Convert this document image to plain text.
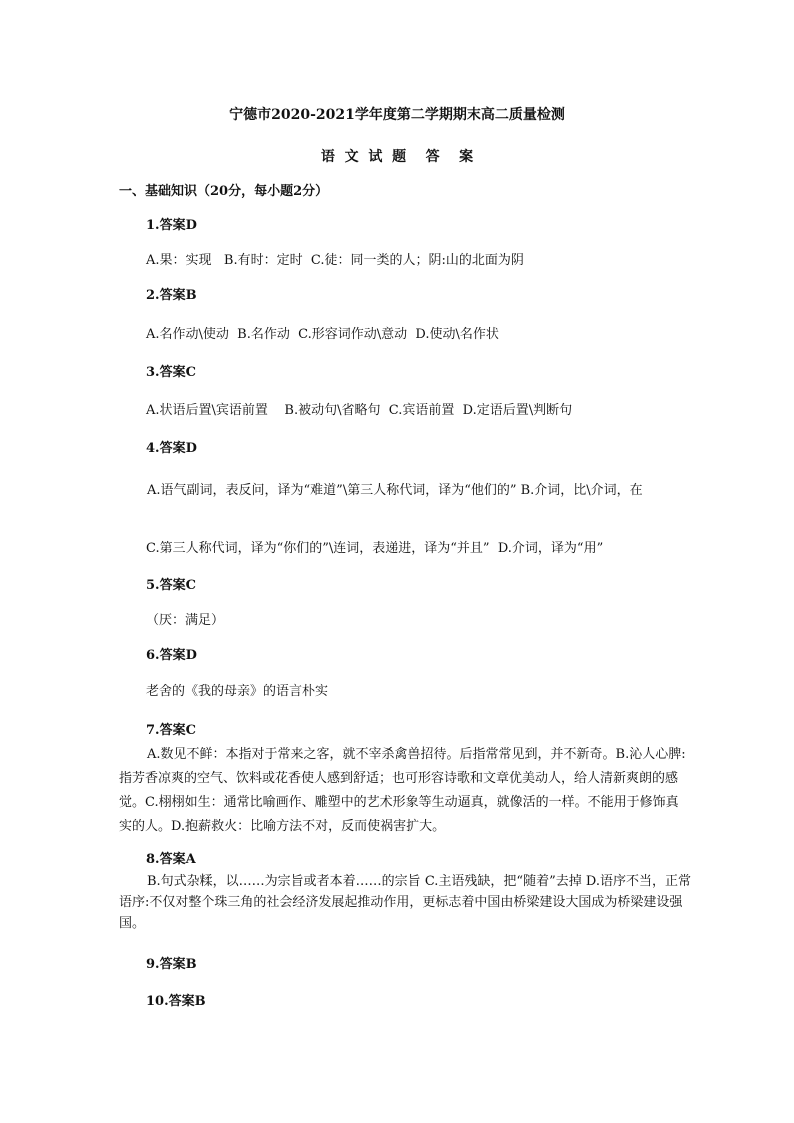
宁德市2020-2021学年度第二学期期末高二质量检测
语  文  试  题    答    案
一、基础知识（20分，每小题2分）
1.答案D
A.果：实现   B.有时：定时  C.徒：同一类的人；阴:山的北面为阴
2.答案B
A.名作动\使动  B.名作动  C.形容词作动\意动  D.使动\名作状
3.答案C
A.状语后置\宾语前置    B.被动句\省略句  C.宾语前置  D.定语后置\判断句
4.答案D
A.语气副词，表反问，译为“难道”\第三人称代词，译为“他们的” B.介词，比\介词，在
C.第三人称代词，译为“你们的”\连词，表递进，译为“并且”  D.介词，译为“用”
5.答案C
（厌：满足）
6.答案D
老舍的《我的母亲》的语言朴实
7.答案C
A.数见不鲜：本指对于常来之客，就不宰杀禽兽招待。后指常常见到，并不新奇。B.沁人心脾:指芳香凉爽的空气、饮料或花香使人感到舒适；也可形容诗歌和文章优美动人，给人清新爽朗的感觉。C.栩栩如生：通常比喻画作、雕塑中的艺术形象等生动逼真，就像活的一样。不能用于修饰真实的人。D.抱薪救火：比喻方法不对，反而使祸害扩大。
8.答案A
B.句式杂糅，以……为宗旨或者本着……的宗旨 C.主语残缺，把“随着”去掉 D.语序不当，正常语序:不仅对整个珠三角的社会经济发展起推动作用，更标志着中国由桥梁建设大国成为桥梁建设强国。
9.答案B
10.答案B
